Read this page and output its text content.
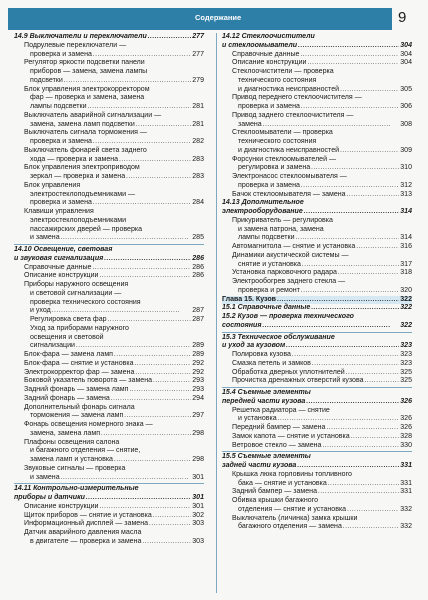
Содержание	9
14.9 Выключатели и переключатели . . .	277
Подрулевые переключатели —
проверка и замена . . .	277
Регулятор яркости подсветки панели
приборов — замена, замена лампы
подсветки . . .	279
Блок управления электрокорректором
фар — проверка и замена, замена
лампы подсветки . . .	281
Выключатель аварийной сигнализации —
замена, замена ламп подсветки . . .	281
Выключатель сигнала торможения —
проверка и замена . . .	282
Выключатель фонарей света заднего
хода — проверка и замена . . .	283
Блок управления электроприводом
зеркал — проверка и замена . . .	283
Блок управления
электростеклоподъемниками —
проверка и замена . . .	284
Клавиши управления
электростеклоподъемниками
пассажирских дверей — проверка
и замена . . .	285
14.10 Освещение, световая
и звуковая сигнализация . . .	286
Справочные данные . . .	286
Описание конструкции . . .	286
Приборы наружного освещения
и световой сигнализации —
проверка технического состояния
и уход . . .	287
Регулировка света фар . . .	287
Уход за приборами наружного
освещения и световой
сигнализации . . .	289
Блок-фара — замена ламп . . .	289
Блок-фара — снятие и установка . . .	292
Электрокорректор фар — замена . . .	292
Боковой указатель поворота — замена . . .	293
Задний фонарь — замена ламп . . .	293
Задний фонарь — замена . . .	294
Дополнительный фонарь сигнала
торможения — замена ламп . . .	297
Фонарь освещения номерного знака —
замена, замена ламп . . .	298
Плафоны освещения салона
и багажного отделения — снятие,
замена ламп и установка . . .	298
Звуковые сигналы — проверка
и замена . . .	301
14.11 Контрольно-измерительные
приборы и датчики . . .	301
Описание конструкции . . .	301
Щиток приборов — снятие и установка . . .	302
Информационный дисплей — замена . . .	303
Датчик аварийного давления масла
в двигателе — проверка и замена . . .	303
14.12 Стеклоочистители
и стеклоомыватели . . .	304
Справочные данные . . .	304
Описание конструкции . . .	304
Стеклоочистители — проверка
технического состояния
и диагностика неисправностей . . .	305
Привод переднего стеклоочистителя —
проверка и замена . . .	306
Привод заднего стеклоочистителя —
замена . . .	308
Стеклоомыватели — проверка
технического состояния
и диагностика неисправностей . . .	309
Форсунки стеклоомывателей —
регулировка и замена . . .	310
Электронасос стеклоомывателя —
проверка и замена . . .	312
Бачок стеклоомывателя — замена . . .	313
14.13 Дополнительное
электрооборудование . . .	314
Прикуриватель — регулировка
и замена патрона, замена
лампы подсветки . . .	314
Автомагнитола — снятие и установка . . .	316
Динамики акустической системы —
снятие и установка . . .	317
Установка парковочного радара . . .	318
Электрообогрев заднего стекла —
проверка и ремонт . . .	320
Глава 15. Кузов . . .	322
15.1 Справочные данные . . .	322
15.2 Кузов — проверка технического
состояния . . .	322
15.3 Техническое обслуживание
и уход за кузовом . . .	323
Полировка кузова . . .	323
Смазка петель и замков . . .	323
Обработка дверных уплотнителей . . .	325
Прочистка дренажных отверстий кузова . . .	325
15.4 Съемные элементы
передней части кузова . . .	326
Решетка радиатора — снятие
и установка . . .	326
Передний бампер — замена . . .	326
Замок капота — снятие и установка . . .	328
Ветровое стекло — замена . . .	330
15.5 Съемные элементы
задней части кузова . . .	331
Крышка люка горловины топливного
бака — снятие и установка . . .	331
Задний бампер — замена . . .	331
Обивка крышки багажного
отделения — снятие и установка . . .	332
Выключатель (личинка) замка крышки
багажного отделения — замена . . .	332
